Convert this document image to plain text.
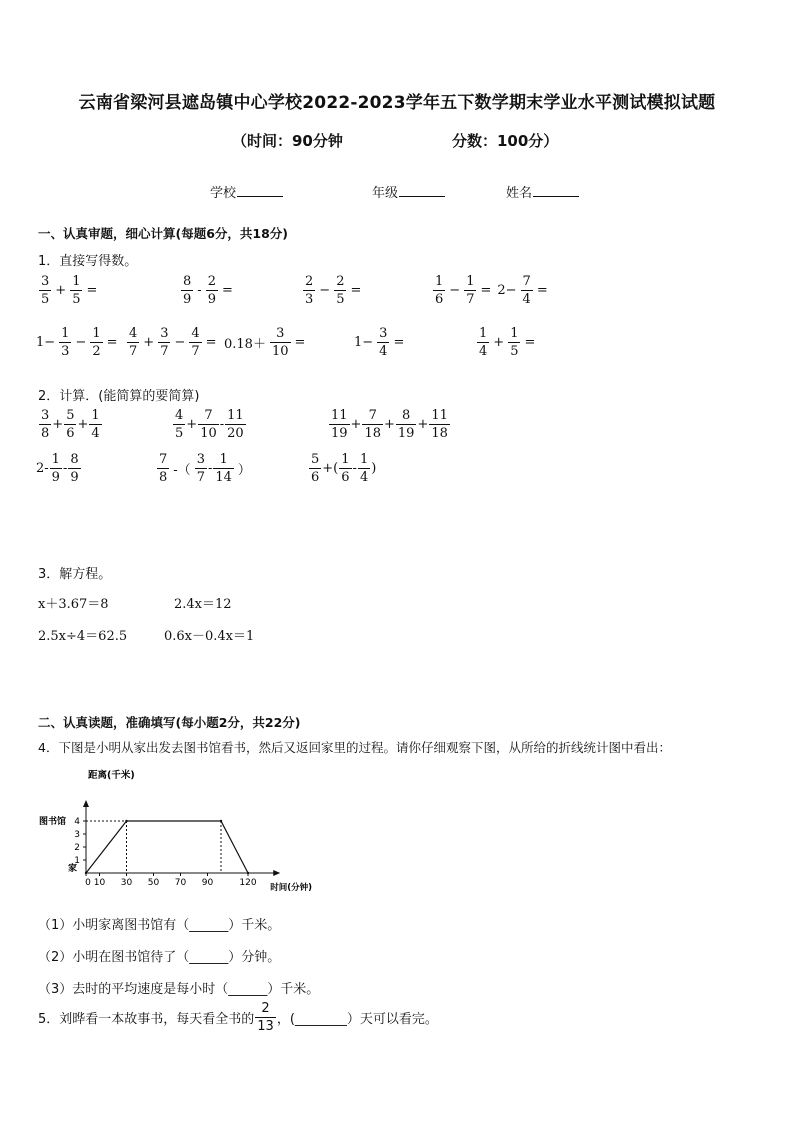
云南省梁河县遮岛镇中心学校2022-2023学年五下数学期末学业水平测试模拟试题
（时间：90分钟	分数：100分）
学校	年级	姓名
一、认真审题，细心计算(每题6分，共18分)
1．直接写得数。
$\frac{3}{5} + \frac{1}{5}$ =	$\frac{8}{9} - \frac{2}{9}$ =	$\frac{2}{3} - \frac{2}{5}$ =	$\frac{1}{6} - \frac{1}{7} = 2- \frac{7}{4}$ =
$1- \frac{1}{3} - \frac{1}{2} = \frac{4}{7} + \frac{3}{7} - \frac{4}{7} = 0.18+ \frac{3}{10}$ =	$1- \frac{3}{4}$ =	$\frac{1}{4} + \frac{1}{5}$ =
2．计算．(能简算的要简算)
$\frac{3}{8} + \frac{5}{6} + \frac{1}{4}$	$\frac{4}{5} + \frac{7}{10} - \frac{11}{20}$	$\frac{11}{19} + \frac{7}{18} + \frac{8}{19} + \frac{11}{18}$
$2- \frac{1}{9} - \frac{8}{9}$	$\frac{7}{8}$ -（ $\frac{3}{7} - \frac{1}{14}$ ）	$\frac{5}{6}$ +( $\frac{1}{6} - \frac{1}{4}$ )
3．解方程。
x＋3.67＝8	2.4x＝12
2.5x÷4＝62.5	0.6x－0.4x＝1
二、认真读题，准确填写(每小题2分，共22分)
4．下图是小明从家出发去图书馆看书，然后又返回家里的过程。请你仔细观察下图，从所给的折线统计图中看出：
距离(千米)
时间(分钟)
1
2
3
4
图书馆
家
0 10 30 50 70 90	120
（1）小明家离图书馆有（______）千米。
（2）小明在图书馆待了（______）分钟。
（3）去时的平均速度是每小时（______）千米。
5．刘晔看一本故事书，每天看全书的 $\frac{2}{13}$ ，(________）天可以看完。
